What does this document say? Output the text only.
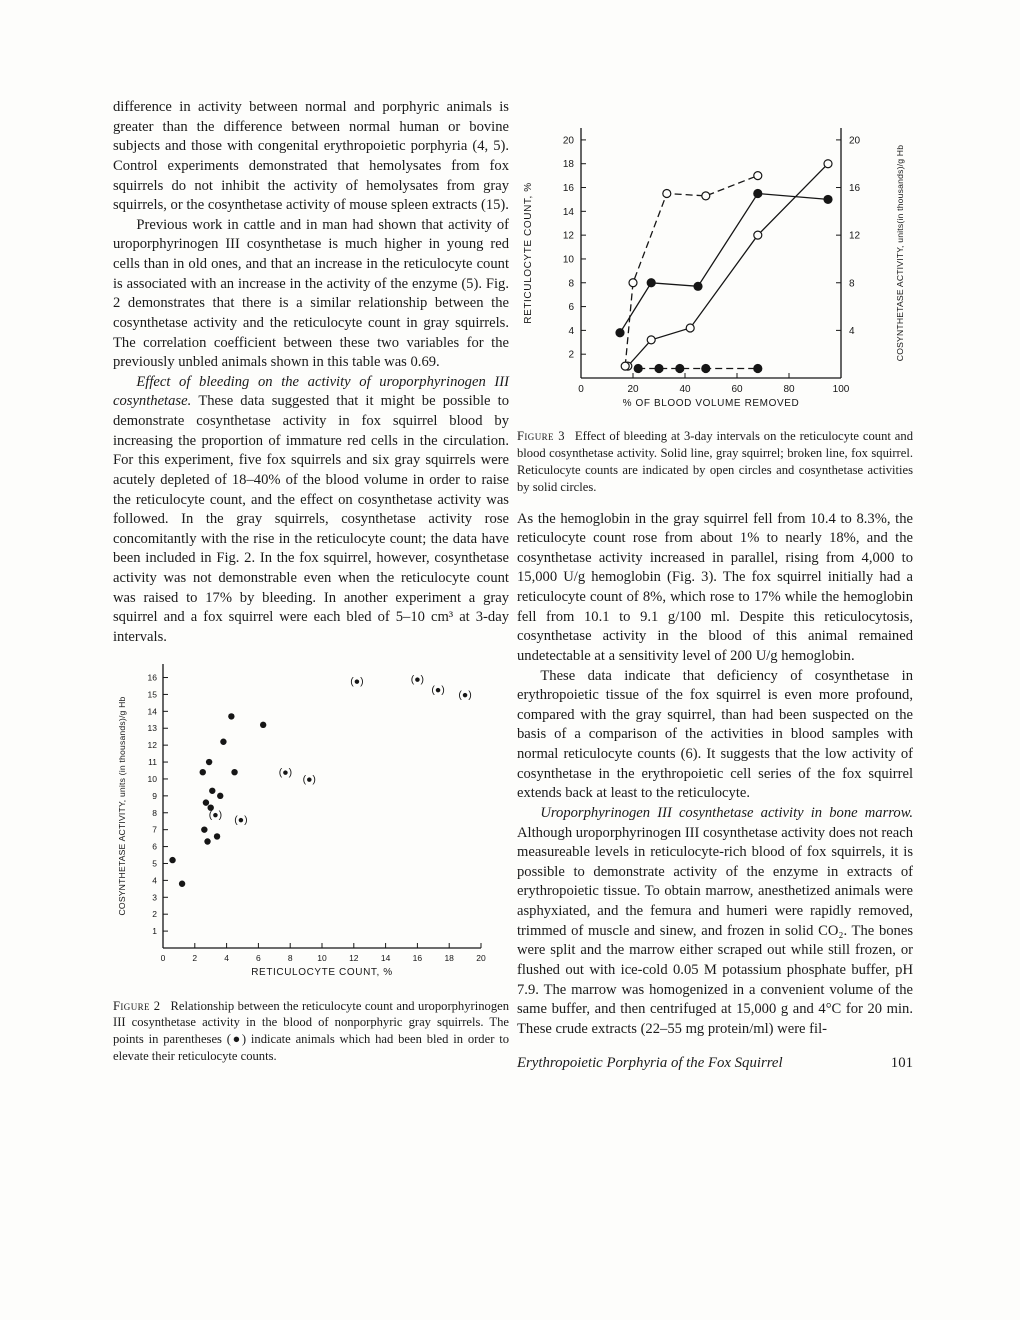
difference in activity between normal and porphyric animals is greater than the difference between normal human or bovine subjects and those with congenital erythropoietic porphyria (4, 5). Control experiments demonstrated that hemolysates from fox squirrels do not inhibit the activity of hemolysates from gray squirrels, or the cosynthetase activity of mouse spleen extracts (15).

Previous work in cattle and in man had shown that activity of uroporphyrinogen III cosynthetase is much higher in young red cells than in old ones, and that an increase in the reticulocyte count is associated with an increase in the activity of the enzyme (5). Fig. 2 demonstrates that there is a similar relationship between the cosynthetase activity and the reticulocyte count in gray squirrels. The correlation coefficient between these two variables for the previously unbled animals shown in this table was 0.69.

Effect of bleeding on the activity of uroporphyrinogen III cosynthetase. These data suggested that it might be possible to demonstrate cosynthetase activity in fox squirrel blood by increasing the proportion of immature red cells in the circulation. For this experiment, five fox squirrels and six gray squirrels were acutely depleted of 18–40% of the blood volume in order to raise the reticulocyte count, and the effect on cosynthetase activity was followed. In the gray squirrels, cosynthetase activity rose concomitantly with the rise in the reticulocyte count; the data have been included in Fig. 2. In the fox squirrel, however, cosynthetase activity was not demonstrable even when the reticulocyte count was raised to 17% by bleeding. In another experiment a gray squirrel and a fox squirrel were each bled of 5–10 cm³ at 3-day intervals.

1
2
3
4
5
6
7
8
9
10
11
12
13
14
15
16
0	2	4	6	8	10	12	14	16	18	20
RETICULOCYTE COUNT, %
COSYNTHETASE ACTIVITY, units (in thousands)/g Hb	(●) (●)
(●)
(●)
(●)	(●)
(●) (●)
Figure 2 Relationship between the reticulocyte count and uroporphyrinogen III cosynthetase activity in the blood of nonporphyric gray squirrels. The points in parentheses (●) indicate animals which had been bled in order to elevate their reticulocyte counts.
2
4
6
8
10
12
14
16
18
20
4
8
12
16
20
0	20	40	60	80	100
% OF BLOOD VOLUME REMOVED
RETICULOCYTE COUNT, %	COSYNTHETASE ACTIVITY, units(in thousands)/g Hb
Figure 3 Effect of bleeding at 3-day intervals on the reticulocyte count and blood cosynthetase activity. Solid line, gray squirrel; broken line, fox squirrel. Reticulocyte counts are indicated by open circles and cosynthetase activities by solid circles.

As the hemoglobin in the gray squirrel fell from 10.4 to 8.3%, the reticulocyte count rose from about 1% to nearly 18%, and the cosynthetase activity increased in parallel, rising from 4,000 to 15,000 U/g hemoglobin (Fig. 3). The fox squirrel initially had a reticulocyte count of 8%, which rose to 17% while the hemoglobin fell from 10.1 to 9.1 g/100 ml. Despite this reticulocytosis, cosynthetase activity in the blood of this animal remained undetectable at a sensitivity level of 200 U/g hemoglobin.

These data indicate that deficiency of cosynthetase in erythropoietic tissue of the fox squirrel is even more profound, compared with the gray squirrel, than had been suspected on the basis of a comparison of the activities in blood samples with normal reticulocyte counts (6). It suggests that the low activity of cosynthetase in the erythropoietic cell series of the fox squirrel extends back at least to the reticulocyte.

Uroporphyrinogen III cosynthetase activity in bone marrow. Although uroporphyrinogen III cosynthetase activity does not reach measureable levels in reticulocyte-rich blood of fox squirrels, it is possible to demonstrate activity of the enzyme in extracts of erythropoietic tissue. To obtain marrow, anesthetized animals were asphyxiated, and the femura and humeri were rapidly removed, trimmed of muscle and sinew, and frozen in solid CO₂. The bones were split and the marrow either scraped out while still frozen, or flushed out with ice-cold 0.05 M potassium phosphate buffer, pH 7.9. The marrow was homogenized in a convenient volume of the same buffer, and then centrifuged at 15,000 g and 4°C for 20 min. These crude extracts (22–55 mg protein/ml) were fil-

Erythropoietic Porphyria of the Fox Squirrel	101
